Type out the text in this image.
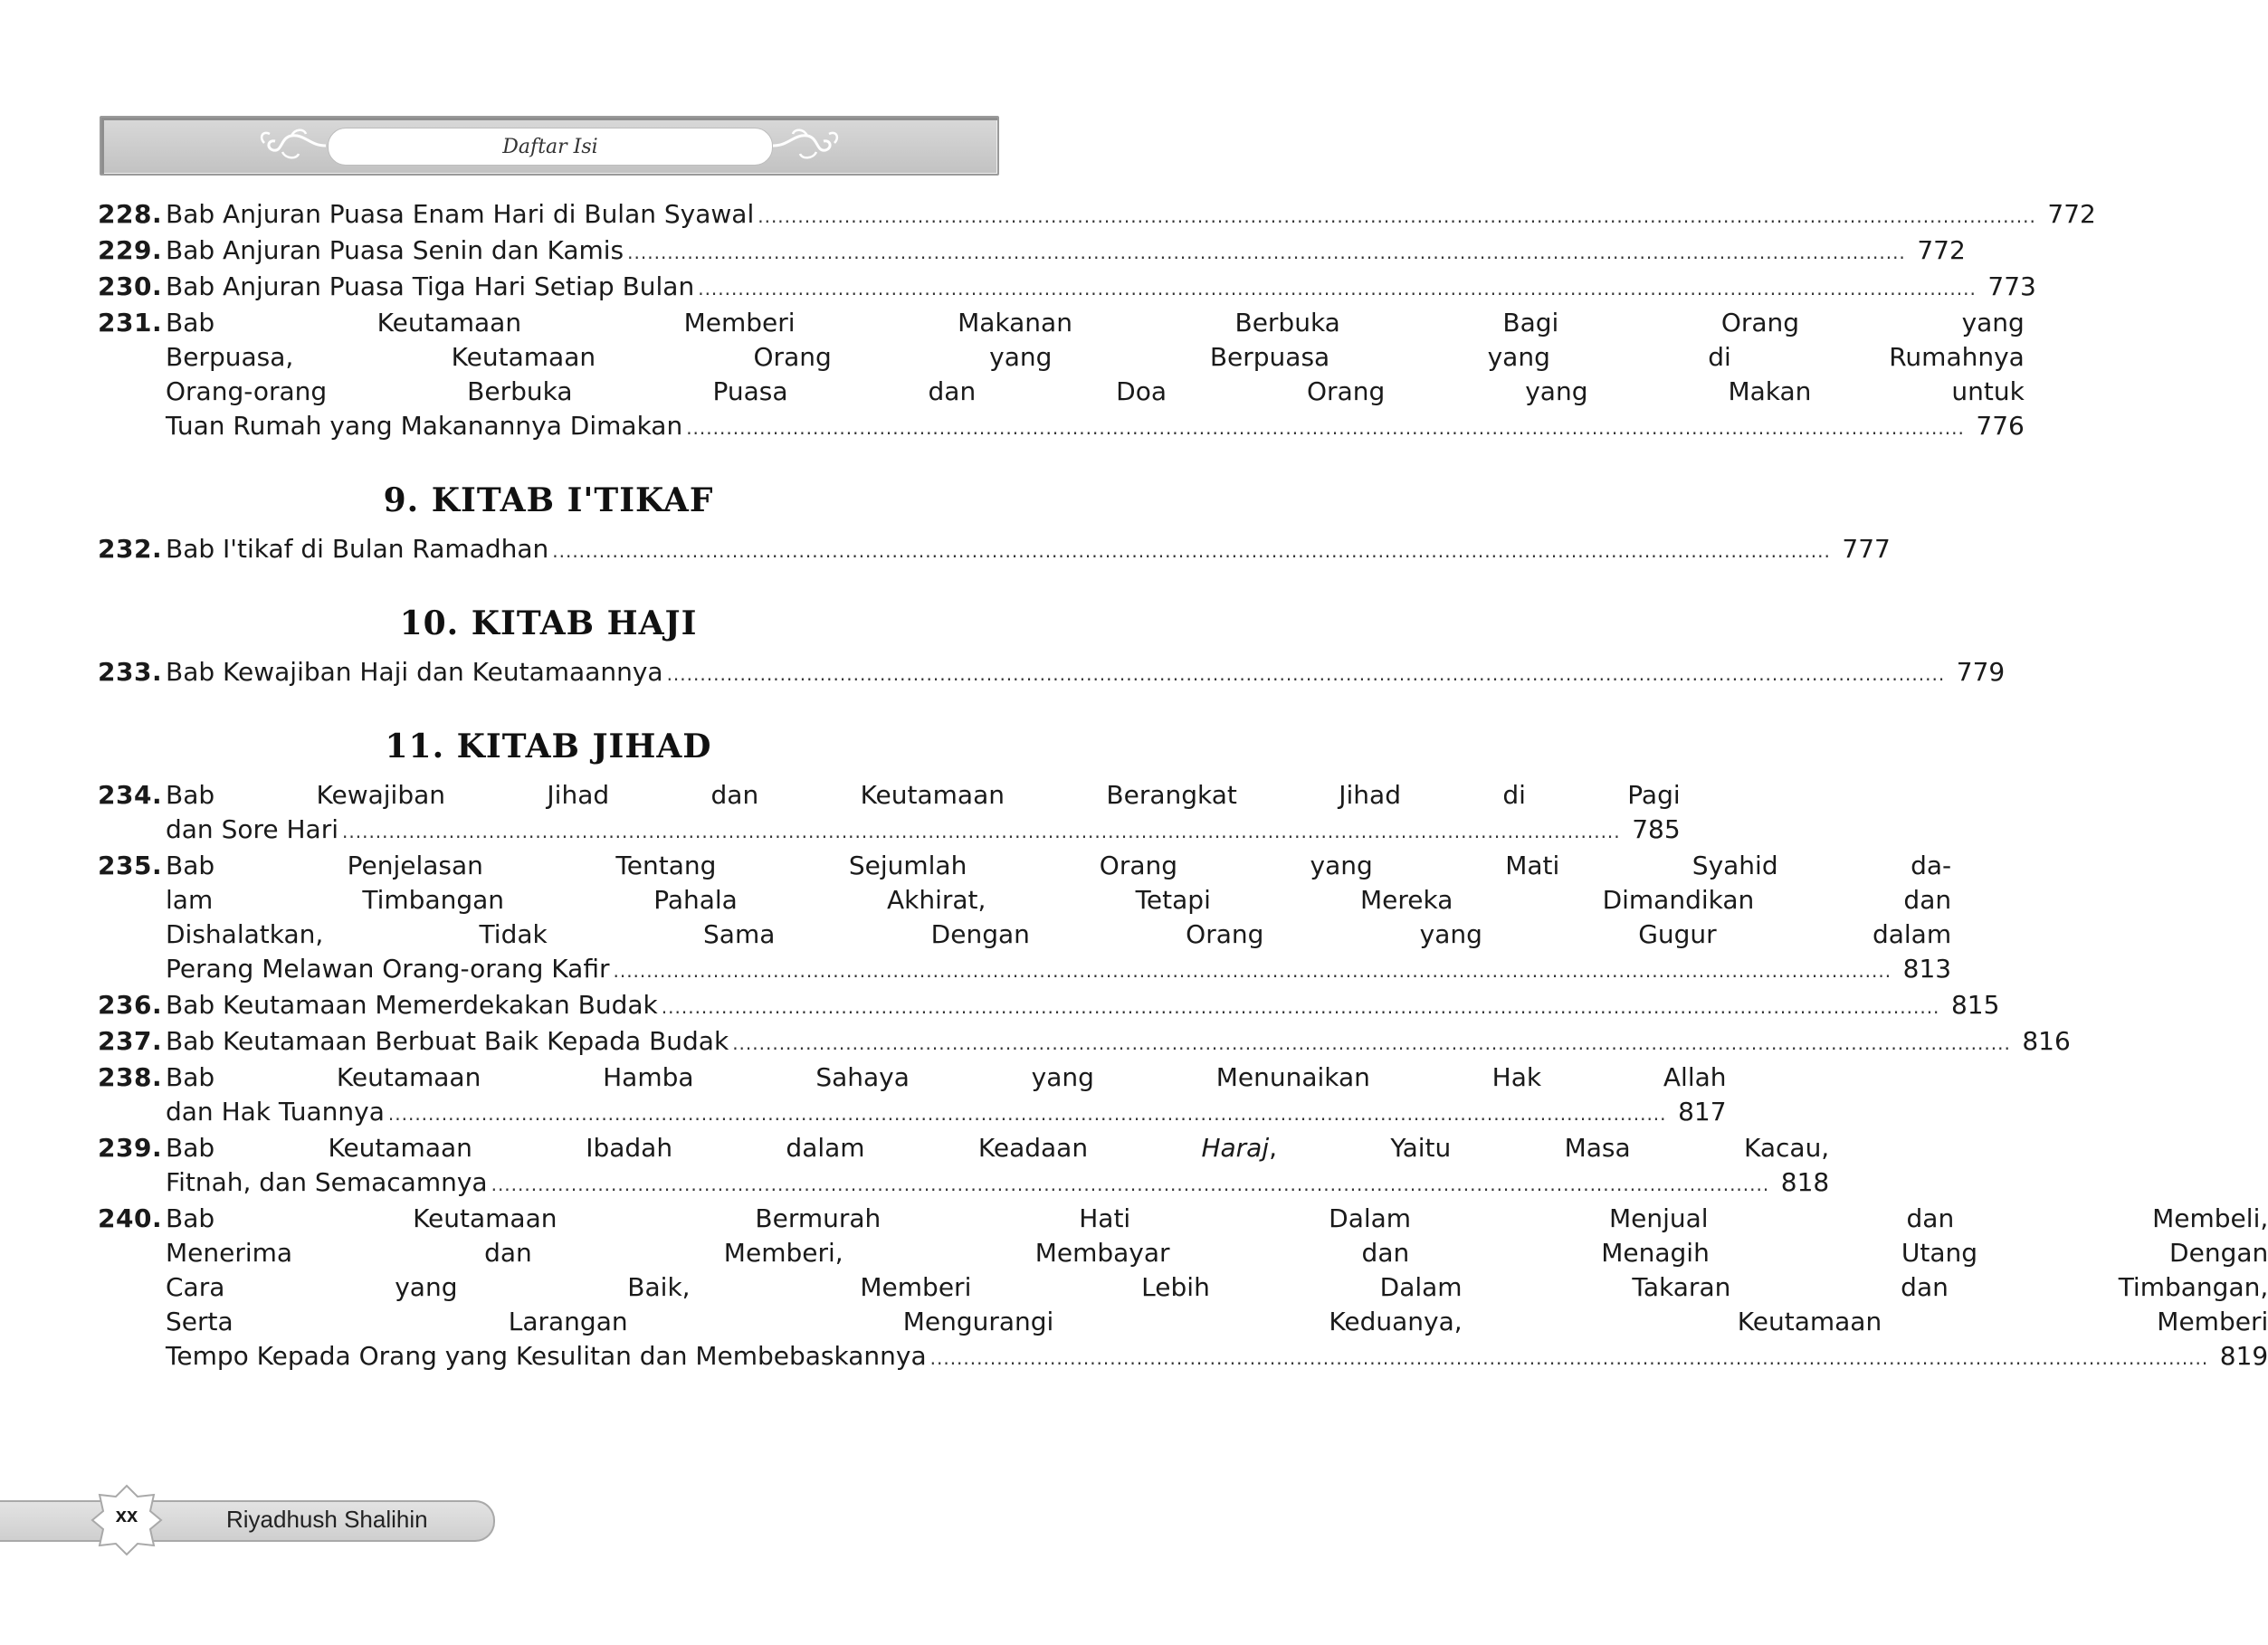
Daftar Isi
228. Bab Anjuran Puasa Enam Hari di Bulan Syawal .....	772
229. Bab Anjuran Puasa Senin dan Kamis .....	772
230. Bab Anjuran Puasa Tiga Hari Setiap Bulan .....	773
231. Bab Keutamaan Memberi Makanan Berbuka Bagi Orang yang
Berpuasa, Keutamaan Orang yang Berpuasa yang di Rumahnya
Orang-orang Berbuka Puasa dan Doa Orang yang Makan untuk
Tuan Rumah yang Makanannya Dimakan .....	776
9. KITAB I'TIKAF
232. Bab I'tikaf di Bulan Ramadhan .....	777
10. KITAB HAJI
233. Bab Kewajiban Haji dan Keutamaannya .....	779
11. KITAB JIHAD
234. Bab Kewajiban Jihad dan Keutamaan Berangkat Jihad di Pagi
dan Sore Hari .....	785
235. Bab Penjelasan Tentang Sejumlah Orang yang Mati Syahid da-
lam Timbangan Pahala Akhirat, Tetapi Mereka Dimandikan dan
Dishalatkan, Tidak Sama Dengan Orang yang Gugur dalam
Perang Melawan Orang-orang Kafir .....	813
236. Bab Keutamaan Memerdekakan Budak .....	815
237. Bab Keutamaan Berbuat Baik Kepada Budak .....	816
238. Bab Keutamaan Hamba Sahaya yang Menunaikan Hak Allah
dan Hak Tuannya .....	817
239. Bab Keutamaan Ibadah dalam Keadaan Haraj, Yaitu Masa Kacau,
Fitnah, dan Semacamnya .....	818
240. Bab Keutamaan Bermurah Hati Dalam Menjual dan Membeli,
Menerima dan Memberi, Membayar dan Menagih Utang Dengan
Cara yang Baik, Memberi Lebih Dalam Takaran dan Timbangan,
Serta Larangan Mengurangi Keduanya, Keutamaan Memberi
Tempo Kepada Orang yang Kesulitan dan Membebaskannya .....	819
xx	Riyadhush Shalihin
